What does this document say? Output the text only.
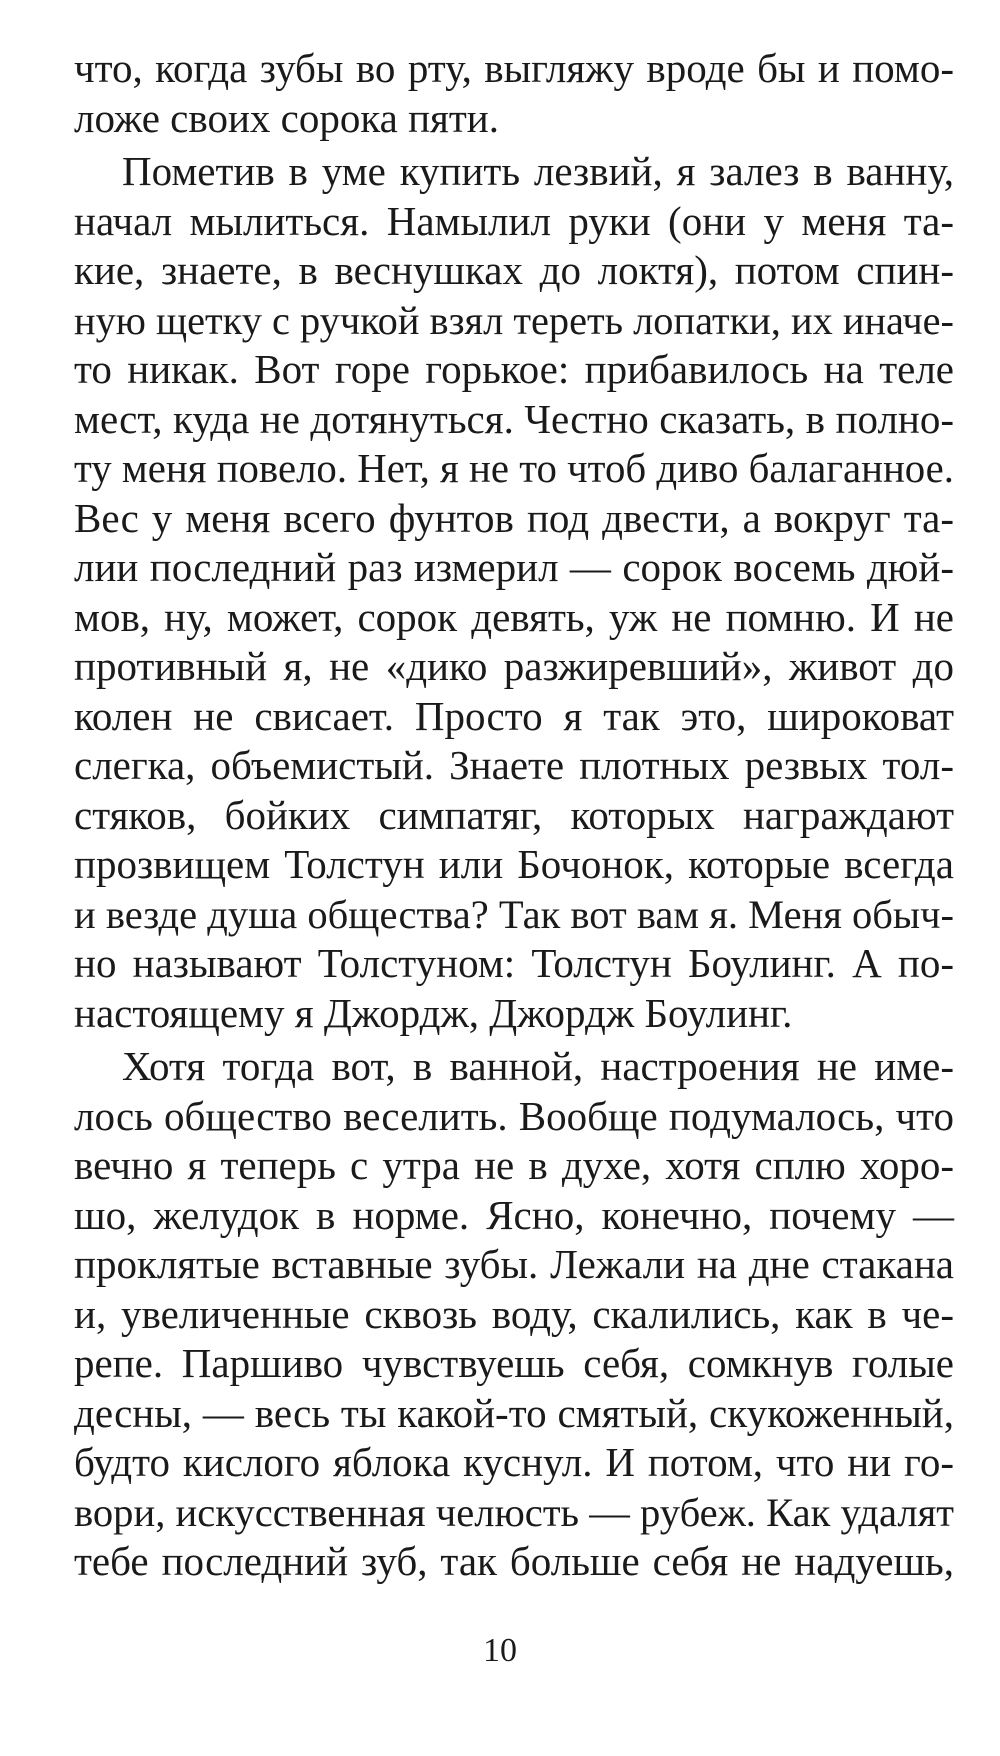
что, когда зубы во рту, выгляжу вроде бы и помо-
ложе своих сорока пяти.
Пометив в уме купить лезвий, я залез в ванну,
начал мылиться. Намылил руки (они у меня та-
кие, знаете, в веснушках до локтя), потом спин-
ную щетку с ручкой взял тереть лопатки, их иначе-
то никак. Вот горе горькое: прибавилось на теле
мест, куда не дотянуться. Честно сказать, в полно-
ту меня повело. Нет, я не то чтоб диво балаганное.
Вес у меня всего фунтов под двести, а вокруг та-
лии последний раз измерил — сорок восемь дюй-
мов, ну, может, сорок девять, уж не помню. И не
противный я, не «дико разжиревший», живот до
колен не свисает. Просто я так это, широковат
слегка, объемистый. Знаете плотных резвых тол-
стяков, бойких симпатяг, которых награждают
прозвищем Толстун или Бочонок, которые всегда
и везде душа общества? Так вот вам я. Меня обыч-
но называют Толстуном: Толстун Боулинг. А по-
настоящему я Джордж, Джордж Боулинг.
Хотя тогда вот, в ванной, настроения не име-
лось общество веселить. Вообще подумалось, что
вечно я теперь с утра не в духе, хотя сплю хоро-
шо, желудок в норме. Ясно, конечно, почему —
проклятые вставные зубы. Лежали на дне стакана
и, увеличенные сквозь воду, скалились, как в че-
репе. Паршиво чувствуешь себя, сомкнув голые
десны, — весь ты какой-то смятый, скукоженный,
будто кислого яблока куснул. И потом, что ни го-
вори, искусственная челюсть — рубеж. Как удалят
тебе последний зуб, так больше себя не надуешь,
10
